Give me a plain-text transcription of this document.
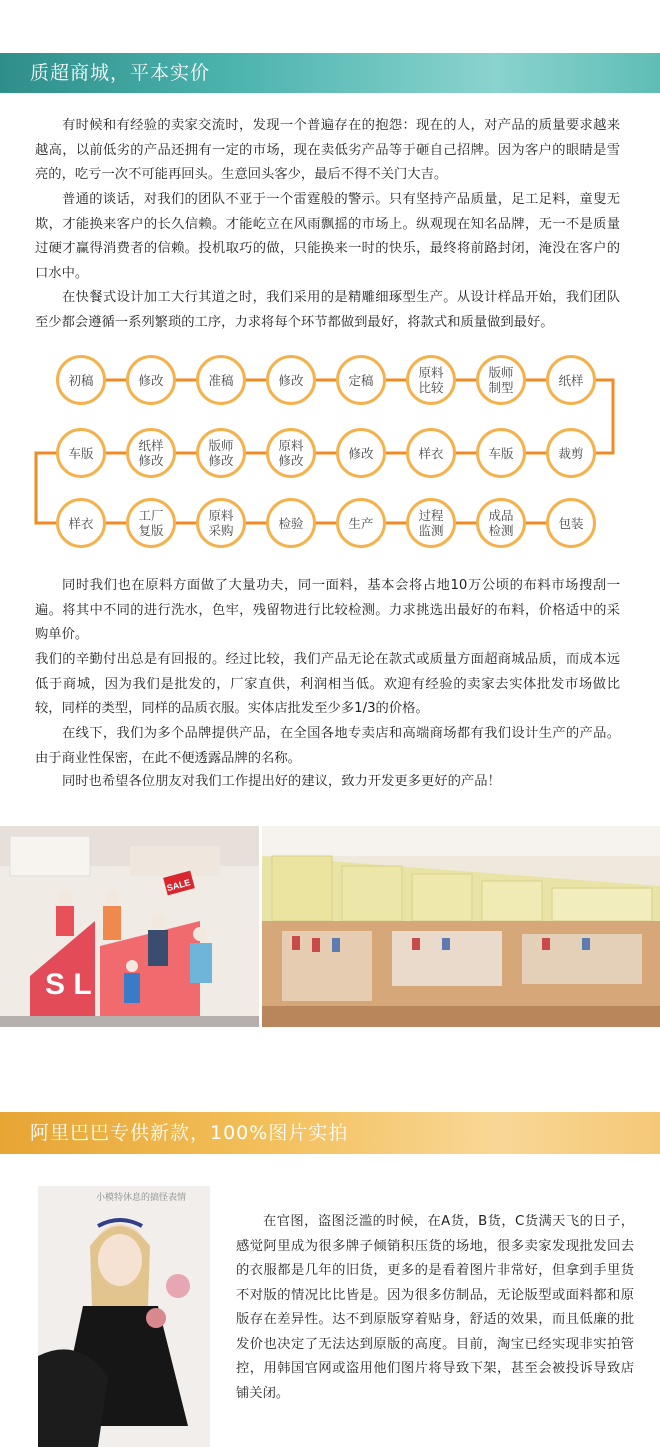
质超商城，平本实价

有时候和有经验的卖家交流时，发现一个普遍存在的抱怨：现在的人，对产品的质量要求越来越高，以前低劣的产品还拥有一定的市场，现在卖低劣产品等于砸自己招牌。因为客户的眼睛是雪亮的，吃亏一次不可能再回头。生意回头客少，最后不得不关门大吉。

普通的谈话，对我们的团队不亚于一个雷霆般的警示。只有坚持产品质量，足工足料，童叟无欺，才能换来客户的长久信赖。才能屹立在风雨飘摇的市场上。纵观现在知名品牌，无一不是质量过硬才赢得消费者的信赖。投机取巧的做，只能换来一时的快乐，最终将前路封闭，淹没在客户的口水中。

在快餐式设计加工大行其道之时，我们采用的是精雕细琢型生产。从设计样品开始，我们团队至少都会遵循一系列繁琐的工序，力求将每个环节都做到最好，将款式和质量做到最好。

初稿	修改	准稿	修改	定稿	原料
比较
版师
制型	纸样
车版	纸样
修改
版师
修改
原料
修改	修改	样衣	车版	裁剪
样衣	工厂
复版
原料
采购	检验	生产	过程
监测
成品
检测	包装

同时我们也在原料方面做了大量功夫，同一面料，基本会将占地10万公顷的布料市场搜刮一遍。将其中不同的进行洗水，色牢，残留物进行比较检测。力求挑选出最好的布料，价格适中的采购单价。

我们的辛勤付出总是有回报的。经过比较，我们产品无论在款式或质量方面超商城品质，而成本远低于商城，因为我们是批发的，厂家直供，利润相当低。欢迎有经验的卖家去实体批发市场做比较，同样的类型，同样的品质衣服。实体店批发至少多1/3的价格。

在线下，我们为多个品牌提供产品，在全国各地专卖店和高端商场都有我们设计生产的产品。由于商业性保密，在此不便透露品牌的名称。

同时也希望各位朋友对我们工作提出好的建议，致力开发更多更好的产品！

S L
SALE
阿里巴巴专供新款，100%图片实拍
小模特休息的搞怪表情

在官图，盗图泛滥的时候，在A货，B货，C货满天飞的日子，感觉阿里成为很多牌子倾销积压货的场地，很多卖家发现批发回去的衣服都是几年的旧货，更多的是看着图片非常好，但拿到手里货不对版的情况比比皆是。因为很多仿制品，无论版型或面料都和原版存在差异性。达不到原版穿着贴身，舒适的效果，而且低廉的批发价也决定了无法达到原版的高度。目前，淘宝已经实现非实拍管控，用韩国官网或盗用他们图片将导致下架，甚至会被投诉导致店铺关闭。
